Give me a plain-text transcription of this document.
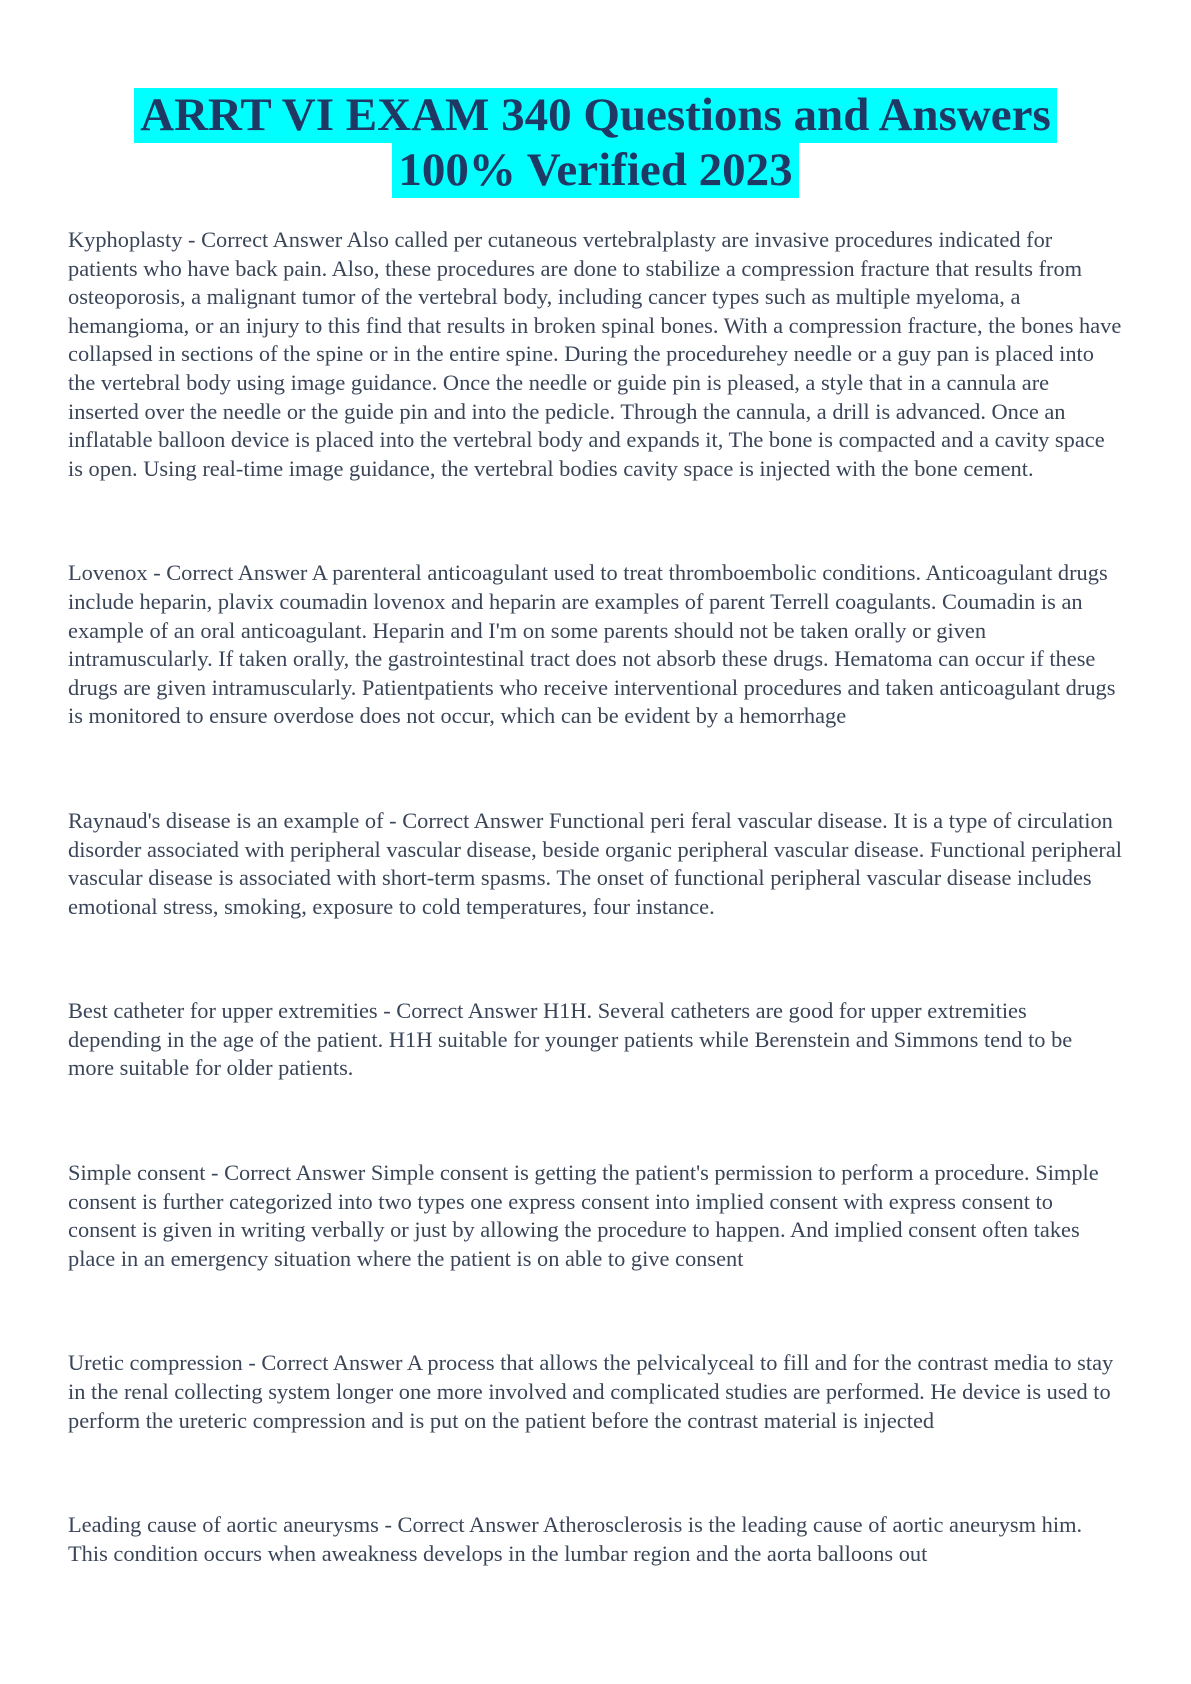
ARRT VI EXAM 340 Questions and Answers
100% Verified 2023

Kyphoplasty - Correct Answer Also called per cutaneous vertebralplasty are invasive procedures indicated for patients who have back pain. Also, these procedures are done to stabilize a compression fracture that results from osteoporosis, a malignant tumor of the vertebral body, including cancer types such as multiple myeloma, a hemangioma, or an injury to this find that results in broken spinal bones. With a compression fracture, the bones have collapsed in sections of the spine or in the entire spine. During the procedurehey needle or a guy pan is placed into the vertebral body using image guidance. Once the needle or guide pin is pleased, a style that in a cannula are inserted over the needle or the guide pin and into the pedicle. Through the cannula, a drill is advanced. Once an inflatable balloon device is placed into the vertebral body and expands it, The bone is compacted and a cavity space is open. Using real-time image guidance, the vertebral bodies cavity space is injected with the bone cement.

Lovenox - Correct Answer A parenteral anticoagulant used to treat thromboembolic conditions. Anticoagulant drugs include heparin, plavix coumadin lovenox and heparin are examples of parent Terrell coagulants. Coumadin is an example of an oral anticoagulant. Heparin and I'm on some parents should not be taken orally or given intramuscularly. If taken orally, the gastrointestinal tract does not absorb these drugs. Hematoma can occur if these drugs are given intramuscularly. Patientpatients who receive interventional procedures and taken anticoagulant drugs is monitored to ensure overdose does not occur, which can be evident by a hemorrhage

Raynaud's disease is an example of - Correct Answer Functional peri feral vascular disease. It is a type of circulation disorder associated with peripheral vascular disease, beside organic peripheral vascular disease. Functional peripheral vascular disease is associated with short-term spasms. The onset of functional peripheral vascular disease includes emotional stress, smoking, exposure to cold temperatures, four instance.

Best catheter for upper extremities - Correct Answer H1H. Several catheters are good for upper extremities depending in the age of the patient. H1H suitable for younger patients while Berenstein and Simmons tend to be more suitable for older patients.

Simple consent - Correct Answer Simple consent is getting the patient's permission to perform a procedure. Simple consent is further categorized into two types one express consent into implied consent with express consent to consent is given in writing verbally or just by allowing the procedure to happen. And implied consent often takes place in an emergency situation where the patient is on able to give consent

Uretic compression - Correct Answer A process that allows the pelvicalyceal to fill and for the contrast media to stay in the renal collecting system longer one more involved and complicated studies are performed. He device is used to perform the ureteric compression and is put on the patient before the contrast material is injected

Leading cause of aortic aneurysms - Correct Answer Atherosclerosis is the leading cause of aortic aneurysm him. This condition occurs when aweakness develops in the lumbar region and the aorta balloons out
